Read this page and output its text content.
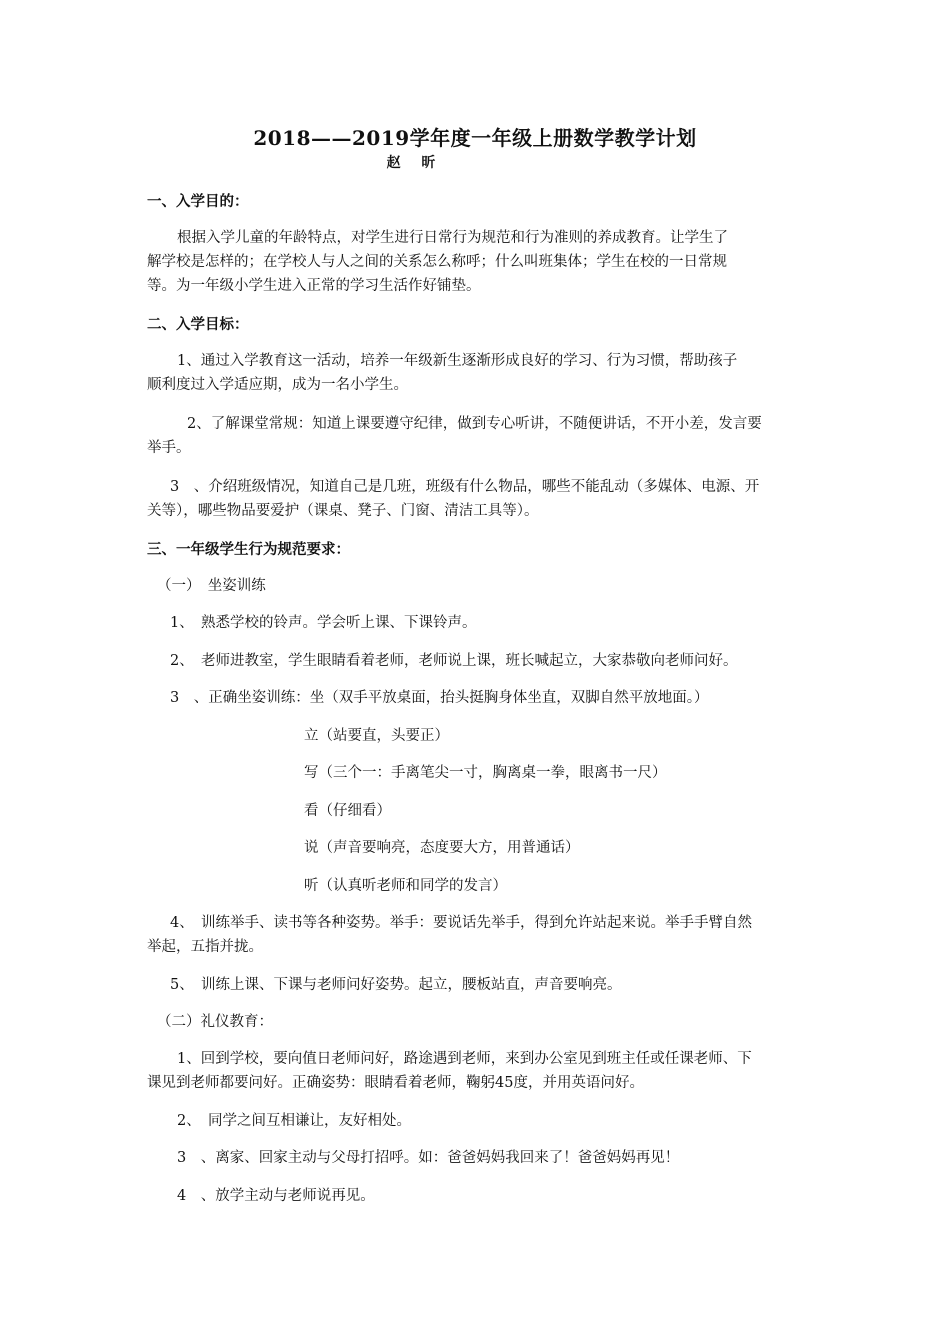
2018——2019学年度一年级上册数学教学计划
赵 昕
一、入学目的：
根据入学儿童的年龄特点，对学生进行日常行为规范和行为准则的养成教育。让学生了
解学校是怎样的；在学校人与人之间的关系怎么称呼；什么叫班集体；学生在校的一日常规
等。为一年级小学生进入正常的学习生活作好铺垫。
二、入学目标：
1、通过入学教育这一活动，培养一年级新生逐渐形成良好的学习、行为习惯，帮助孩子
顺利度过入学适应期，成为一名小学生。
2、了解课堂常规：知道上课要遵守纪律，做到专心听讲，不随便讲话，不开小差，发言要
举手。
3　、介绍班级情况，知道自己是几班，班级有什么物品，哪些不能乱动（多媒体、电源、开
关等），哪些物品要爱护（课桌、凳子、门窗、清洁工具等）。
三、一年级学生行为规范要求：
（一）　坐姿训练
1、　熟悉学校的铃声。学会听上课、下课铃声。
2、　老师进教室，学生眼睛看着老师，老师说上课，班长喊起立，大家恭敬向老师问好。
3　、正确坐姿训练：坐（双手平放桌面，抬头挺胸身体坐直，双脚自然平放地面。）
立（站要直，头要正）
写（三个一：手离笔尖一寸，胸离桌一拳，眼离书一尺）
看（仔细看）
说（声音要响亮，态度要大方，用普通话）
听（认真听老师和同学的发言）
4、　训练举手、读书等各种姿势。举手：要说话先举手，得到允许站起来说。举手手臂自然
举起，五指并拢。
5、　训练上课、下课与老师问好姿势。起立，腰板站直，声音要响亮。
（二）礼仪教育：
1、回到学校，要向值日老师问好，路途遇到老师，来到办公室见到班主任或任课老师、下
课见到老师都要问好。正确姿势：眼睛看着老师，鞠躬45度，并用英语问好。
2、　同学之间互相谦让，友好相处。
3　、离家、回家主动与父母打招呼。如：爸爸妈妈我回来了！爸爸妈妈再见！
4　、放学主动与老师说再见。
